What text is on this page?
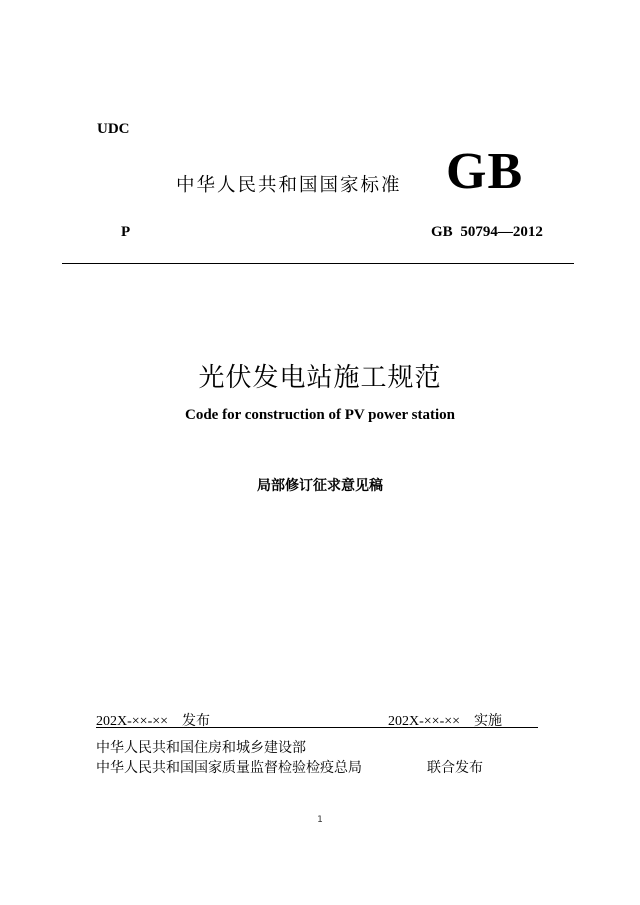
UDC
中华人民共和国国家标准 GB
P	GB 50794—2012
光伏发电站施工规范
Code for construction of PV power station
局部修订征求意见稿
202X-××-×× 发布	202X-××-×× 实施
中华人民共和国住房和城乡建设部
中华人民共和国国家质量监督检验检疫总局	联合发布
1
